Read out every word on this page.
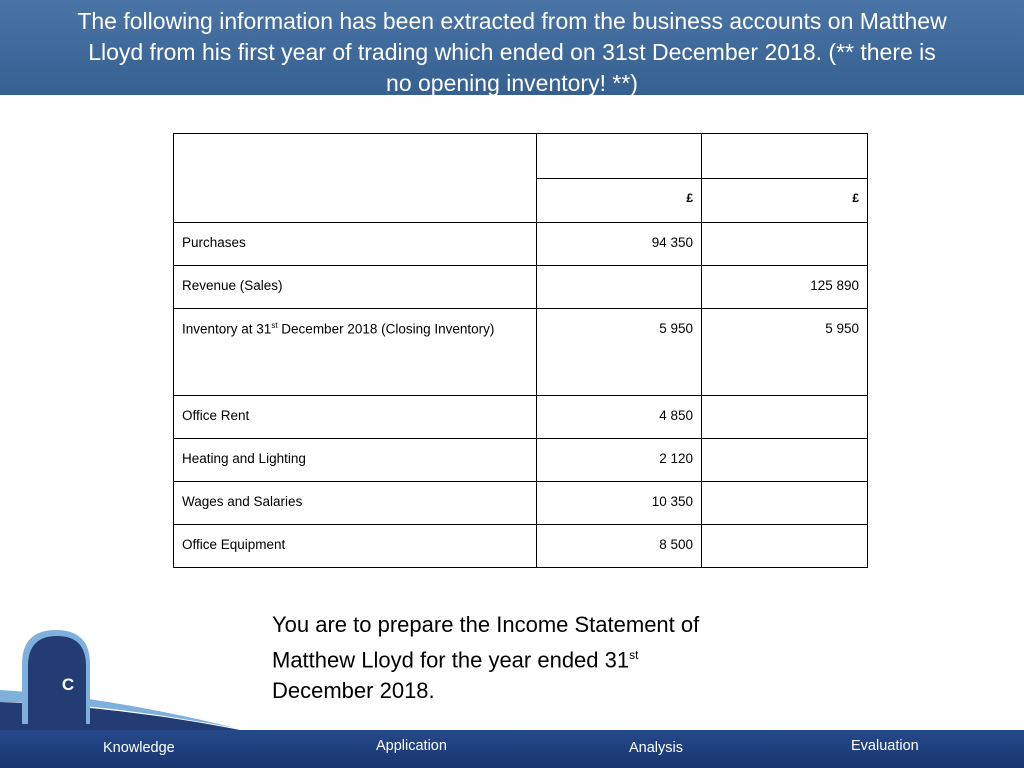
The following information has been extracted from the business accounts on Matthew
Lloyd from his first year of trading which ended on 31st December 2018. (** there is
no opening inventory! **)

	£	£
Purchases	94 350	
Revenue (Sales)		125 890
Inventory at 31st December 2018 (Closing Inventory)	5 950	5 950
Office Rent	4 850	
Heating and Lighting	2 120	
Wages and Salaries	10 350	
Office Equipment	8 500	
C
You are to prepare the Income Statement of
Matthew Lloyd for the year ended 31st
December 2018.
Knowledge	Application	Analysis	Evaluation
